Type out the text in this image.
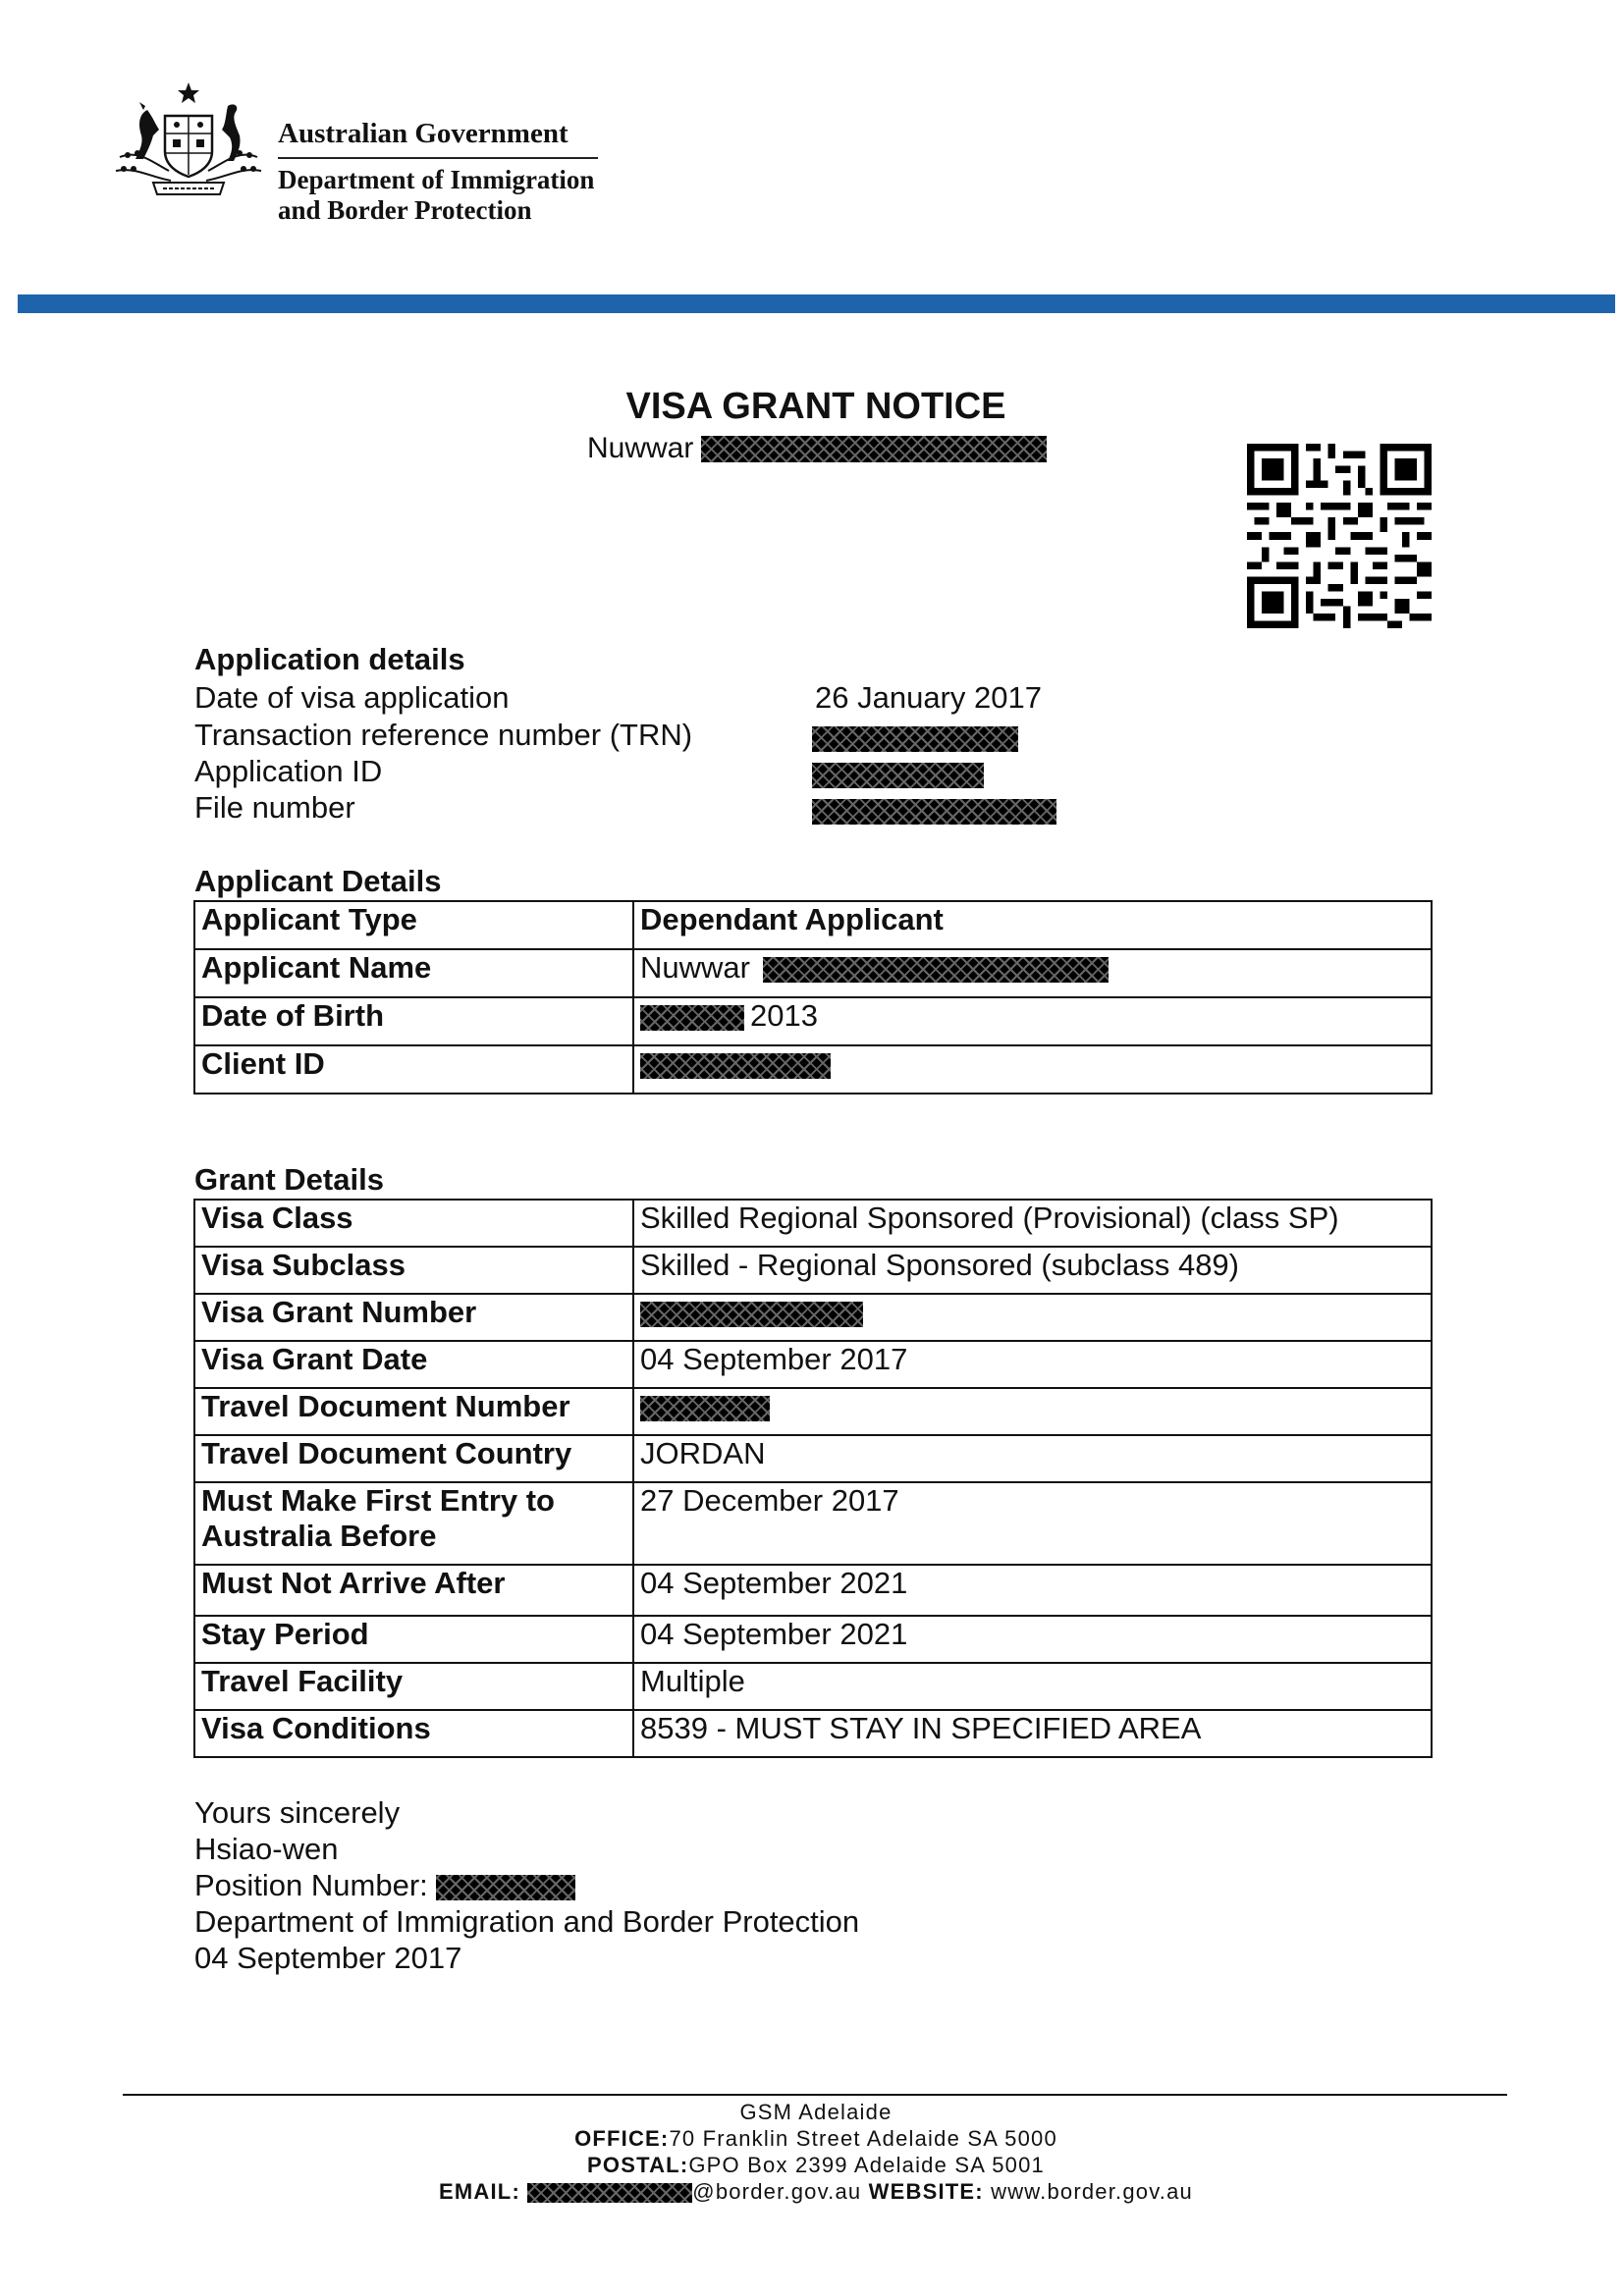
Australian Government
Department of Immigration
and Border Protection
VISA GRANT NOTICE
Nuwwar
Application details
Date of visa application	26 January 2017
Transaction reference number (TRN)
Application ID
File number
Applicant Details
Applicant Type	Dependant Applicant
Applicant Name	Nuwwar
Date of Birth	2013
Client ID	
Grant Details
Visa Class	Skilled Regional Sponsored (Provisional) (class SP)
Visa Subclass	Skilled - Regional Sponsored (subclass 489)
Visa Grant Number	
Visa Grant Date	04 September 2017
Travel Document Number	
Travel Document Country	JORDAN
Must Make First Entry to Australia Before	27 December 2017
Must Not Arrive After	04 September 2021
Stay Period	04 September 2021
Travel Facility	Multiple
Visa Conditions	8539 - MUST STAY IN SPECIFIED AREA
Yours sincerely
Hsiao-wen
Position Number:
Department of Immigration and Border Protection
04 September 2017
GSM Adelaide
OFFICE:70 Franklin Street Adelaide SA 5000
POSTAL:GPO Box 2399 Adelaide SA 5001
EMAIL:	@border.gov.au WEBSITE: www.border.gov.au
